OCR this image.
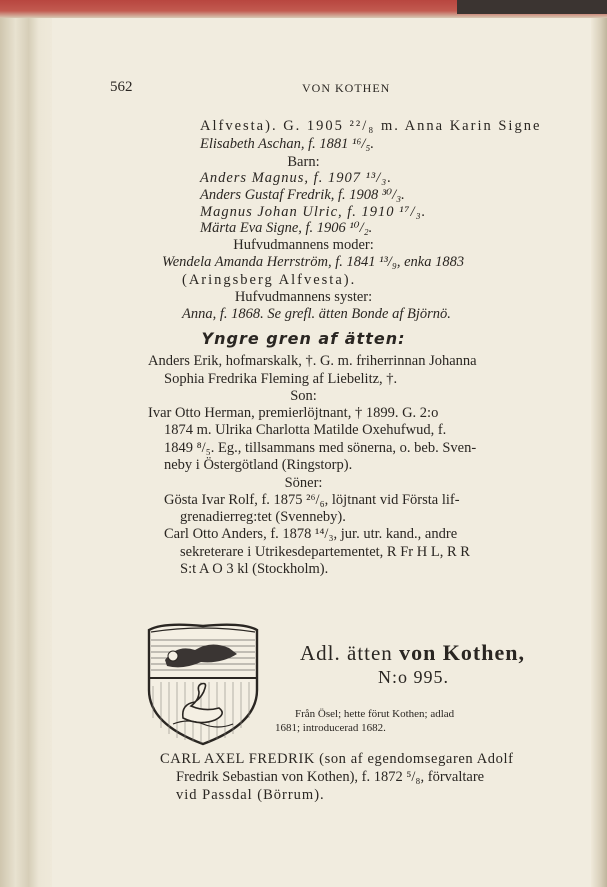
562	VON KOTHEN
Alfvesta). G. 1905 ²²/₈ m. Anna Karin Signe
Elisabeth Aschan, f. 1881 ¹⁶/₅.
Barn:
Anders Magnus, f. 1907 ¹³/₃.
Anders Gustaf Fredrik, f. 1908 ³⁰/₃.
Magnus Johan Ulric, f. 1910 ¹⁷/₃.
Märta Eva Signe, f. 1906 ¹⁰/₂.
Hufvudmannens moder:
Wendela Amanda Herrström, f. 1841 ¹³/₉, enka 1883
(Aringsberg Alfvesta).
Hufvudmannens syster:
Anna, f. 1868. Se grefl. ätten Bonde af Björnö.
Yngre gren af ätten:
Anders Erik, hofmarskalk, †. G. m. friherrinnan Johanna
Sophia Fredrika Fleming af Liebelitz, †.
Son:
Ivar Otto Herman, premierlöjtnant, † 1899. G. 2:o
1874 m. Ulrika Charlotta Matilde Oxehufwud, f.
1849 ⁸/₅. Eg., tillsammans med sönerna, o. beb. Sven-
neby i Östergötland (Ringstorp).
Söner:
Gösta Ivar Rolf, f. 1875 ²⁶/₆, löjtnant vid Första lif-
grenadierreg:tet (Svenneby).
Carl Otto Anders, f. 1878 ¹⁴/₃, jur. utr. kand., andre
sekreterare i Utrikesdepartementet, R Fr H L, R R
S:t A O 3 kl (Stockholm).
Adl. ätten von Kothen,
N:o 995.
Från Ösel; hette förut Kothen; adlad
1681; introducerad 1682.
CARL AXEL FREDRIK (son af egendomsegaren Adolf
Fredrik Sebastian von Kothen), f. 1872 ⁵/₈, förvaltare
vid Passdal (Börrum).
